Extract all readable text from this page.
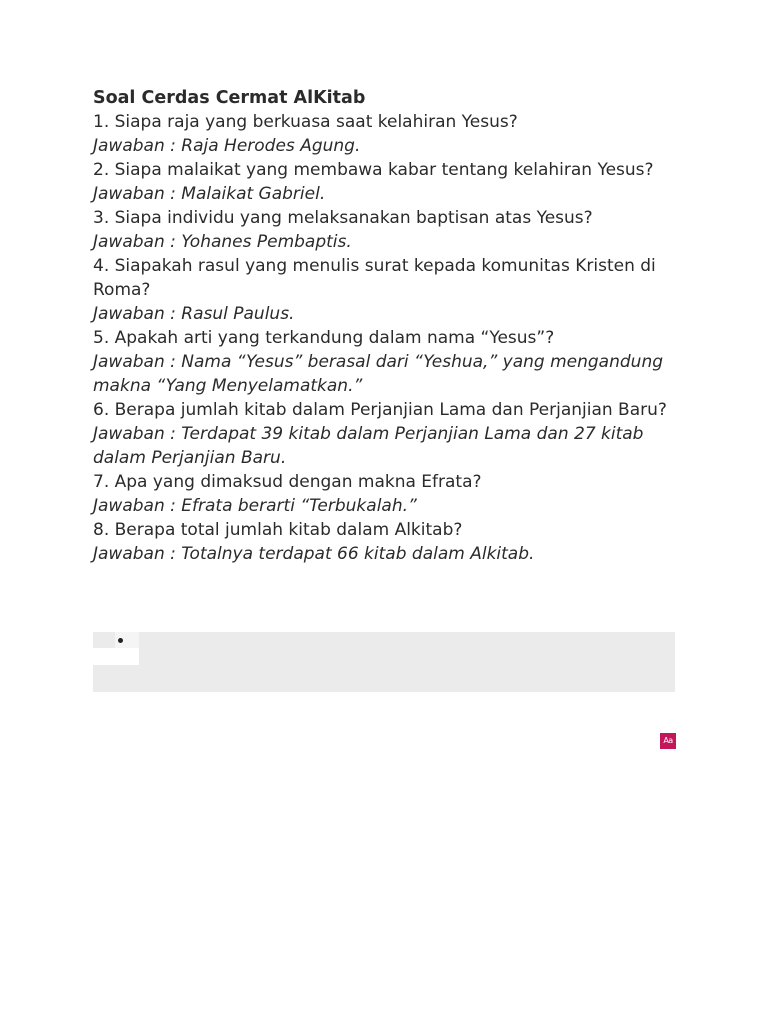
Soal Cerdas Cermat AlKitab

1. Siapa raja yang berkuasa saat kelahiran Yesus?

Jawaban : Raja Herodes Agung.

2. Siapa malaikat yang membawa kabar tentang kelahiran Yesus?

Jawaban : Malaikat Gabriel.

3. Siapa individu yang melaksanakan baptisan atas Yesus?

Jawaban : Yohanes Pembaptis.

4. Siapakah rasul yang menulis surat kepada komunitas Kristen di Roma?

Jawaban : Rasul Paulus.

5. Apakah arti yang terkandung dalam nama “Yesus”?

Jawaban : Nama “Yesus” berasal dari “Yeshua,” yang mengandung makna “Yang Menyelamatkan.”

6. Berapa jumlah kitab dalam Perjanjian Lama dan Perjanjian Baru?

Jawaban : Terdapat 39 kitab dalam Perjanjian Lama dan 27 kitab dalam Perjanjian Baru.

7. Apa yang dimaksud dengan makna Efrata?

Jawaban : Efrata berarti “Terbukalah.”

8. Berapa total jumlah kitab dalam Alkitab?

Jawaban : Totalnya terdapat 66 kitab dalam Alkitab.

Aa
